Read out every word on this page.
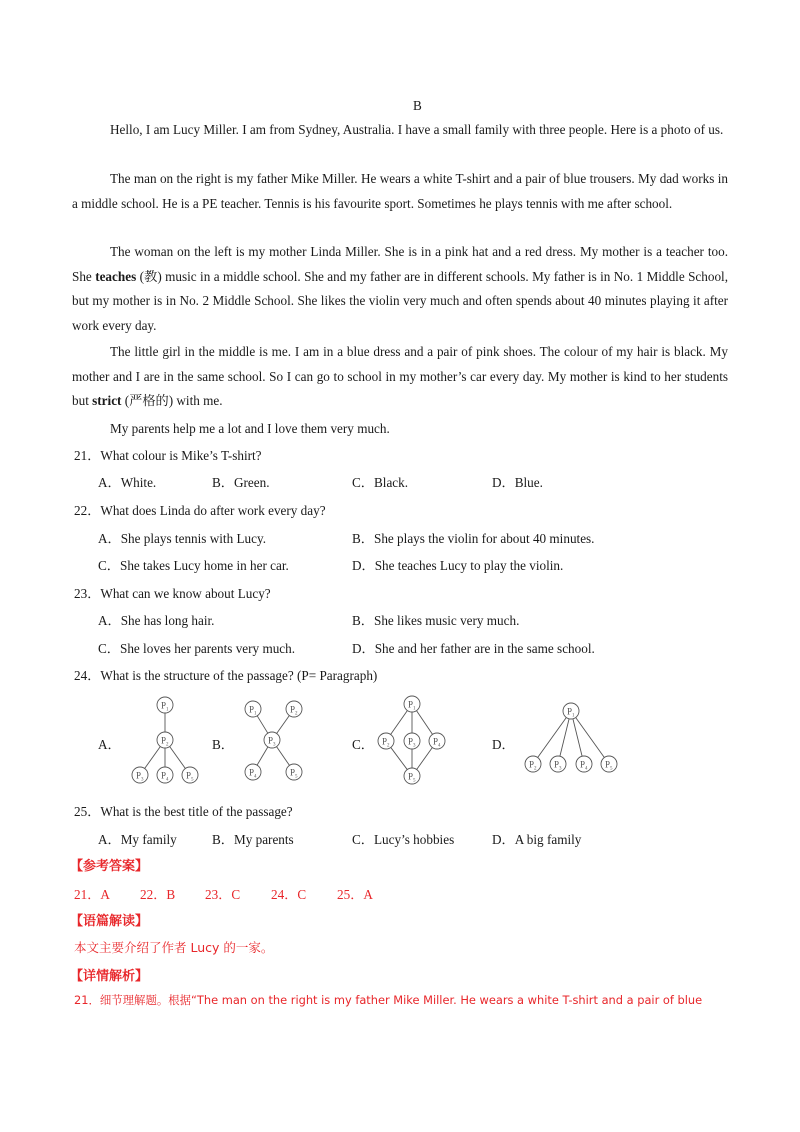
B
Hello, I am Lucy Miller. I am from Sydney, Australia. I have a small family with three people. Here is a photo of us.
The man on the right is my father Mike Miller. He wears a white T-shirt and a pair of blue trousers. My dad works in a middle school. He is a PE teacher. Tennis is his favourite sport. Sometimes he plays tennis with me after school.
The woman on the left is my mother Linda Miller. She is in a pink hat and a red dress. My mother is a teacher too. She teaches (教) music in a middle school. She and my father are in different schools. My father is in No. 1 Middle School, but my mother is in No. 2 Middle School. She likes the violin very much and often spends about 40 minutes playing it after work every day.
The little girl in the middle is me. I am in a blue dress and a pair of pink shoes. The colour of my hair is black. My mother and I are in the same school. So I can go to school in my mother’s car every day. My mother is kind to her students but strict (严格的) with me.
My parents help me a lot and I love them very much.
21．What colour is Mike’s T-shirt?
A．White.	B．Green.	C．Black.	D．Blue.
22．What does Linda do after work every day?
A．She plays tennis with Lucy.	B．She plays the violin for about 40 minutes.
C．She takes Lucy home in her car.	D．She teaches Lucy to play the violin.
23．What can we know about Lucy?
A．She has long hair.	B．She likes music very much.
C．She loves her parents very much.	D．She and her father are in the same school.
24．What is the structure of the passage? (P= Paragraph)
A．	B．	C．	D．
$P_1$
$P_2$
$P_3$ $P_4$ $P_5$
$P_1$	$P_2$
$P_3$
$P_4$	$P_5$
$P_1$
$P_2$ $P_3$ $P_4$
$P_5$
$P_1$
$P_2$ $P_3$ $P_4$ $P_5$
25．What is the best title of the passage?
A．My family	B．My parents	C．Lucy’s hobbies	D．A big family
【参考答案】
21．A 22．B 23．C 24．C 25．A
【语篇解读】
本文主要介绍了作者 Lucy 的一家。
【详情解析】
21．细节理解题。根据“The man on the right is my father Mike Miller. He wears a white T-shirt and a pair of blue
